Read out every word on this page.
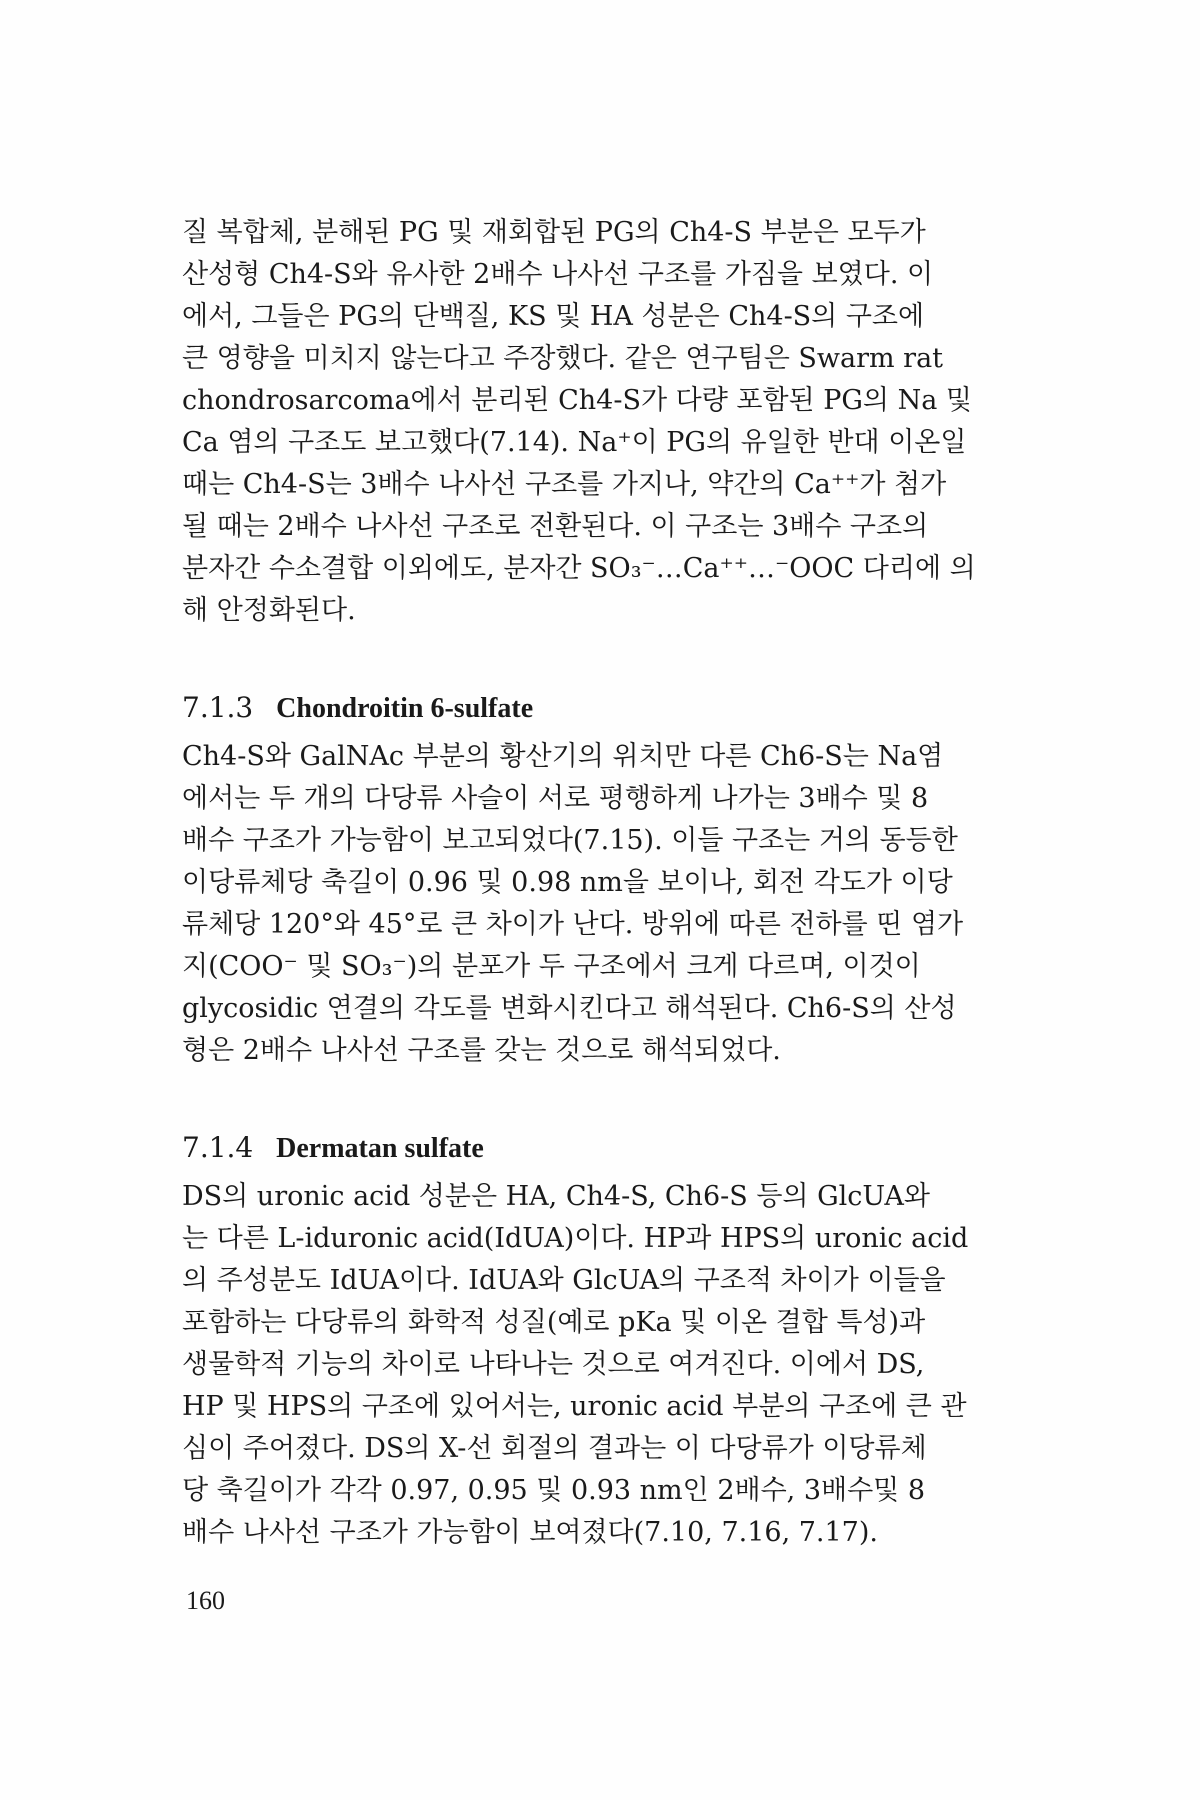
질 복합체, 분해된 PG 및 재회합된 PG의 Ch4-S 부분은 모두가
산성형 Ch4-S와 유사한 2배수 나사선 구조를 가짐을 보였다. 이
에서, 그들은 PG의 단백질, KS 및 HA 성분은 Ch4-S의 구조에
큰 영향을 미치지 않는다고 주장했다. 같은 연구팀은 Swarm rat
chondrosarcoma에서 분리된 Ch4-S가 다량 포함된 PG의 Na 및
Ca 염의 구조도 보고했다(7.14). Na⁺이 PG의 유일한 반대 이온일
때는 Ch4-S는 3배수 나사선 구조를 가지나, 약간의 Ca⁺⁺가 첨가
될 때는 2배수 나사선 구조로 전환된다. 이 구조는 3배수 구조의
분자간 수소결합 이외에도, 분자간 SO₃⁻…Ca⁺⁺…⁻OOC 다리에 의
해 안정화된다.

7.1.3 Chondroitin 6-sulfate

Ch4-S와 GalNAc 부분의 황산기의 위치만 다른 Ch6-S는 Na염
에서는 두 개의 다당류 사슬이 서로 평행하게 나가는 3배수 및 8
배수 구조가 가능함이 보고되었다(7.15). 이들 구조는 거의 동등한
이당류체당 축길이 0.96 및 0.98 nm을 보이나, 회전 각도가 이당
류체당 120°와 45°로 큰 차이가 난다. 방위에 따른 전하를 띤 염가
지(COO⁻ 및 SO₃⁻)의 분포가 두 구조에서 크게 다르며, 이것이
glycosidic 연결의 각도를 변화시킨다고 해석된다. Ch6-S의 산성
형은 2배수 나사선 구조를 갖는 것으로 해석되었다.

7.1.4 Dermatan sulfate

DS의 uronic acid 성분은 HA, Ch4-S, Ch6-S 등의 GlcUA와
는 다른 L-iduronic acid(IdUA)이다. HP과 HPS의 uronic acid
의 주성분도 IdUA이다. IdUA와 GlcUA의 구조적 차이가 이들을
포함하는 다당류의 화학적 성질(예로 pKa 및 이온 결합 특성)과
생물학적 기능의 차이로 나타나는 것으로 여겨진다. 이에서 DS,
HP 및 HPS의 구조에 있어서는, uronic acid 부분의 구조에 큰 관
심이 주어졌다. DS의 X-선 회절의 결과는 이 다당류가 이당류체
당 축길이가 각각 0.97, 0.95 및 0.93 nm인 2배수, 3배수및 8
배수 나사선 구조가 가능함이 보여졌다(7.10, 7.16, 7.17).

160
